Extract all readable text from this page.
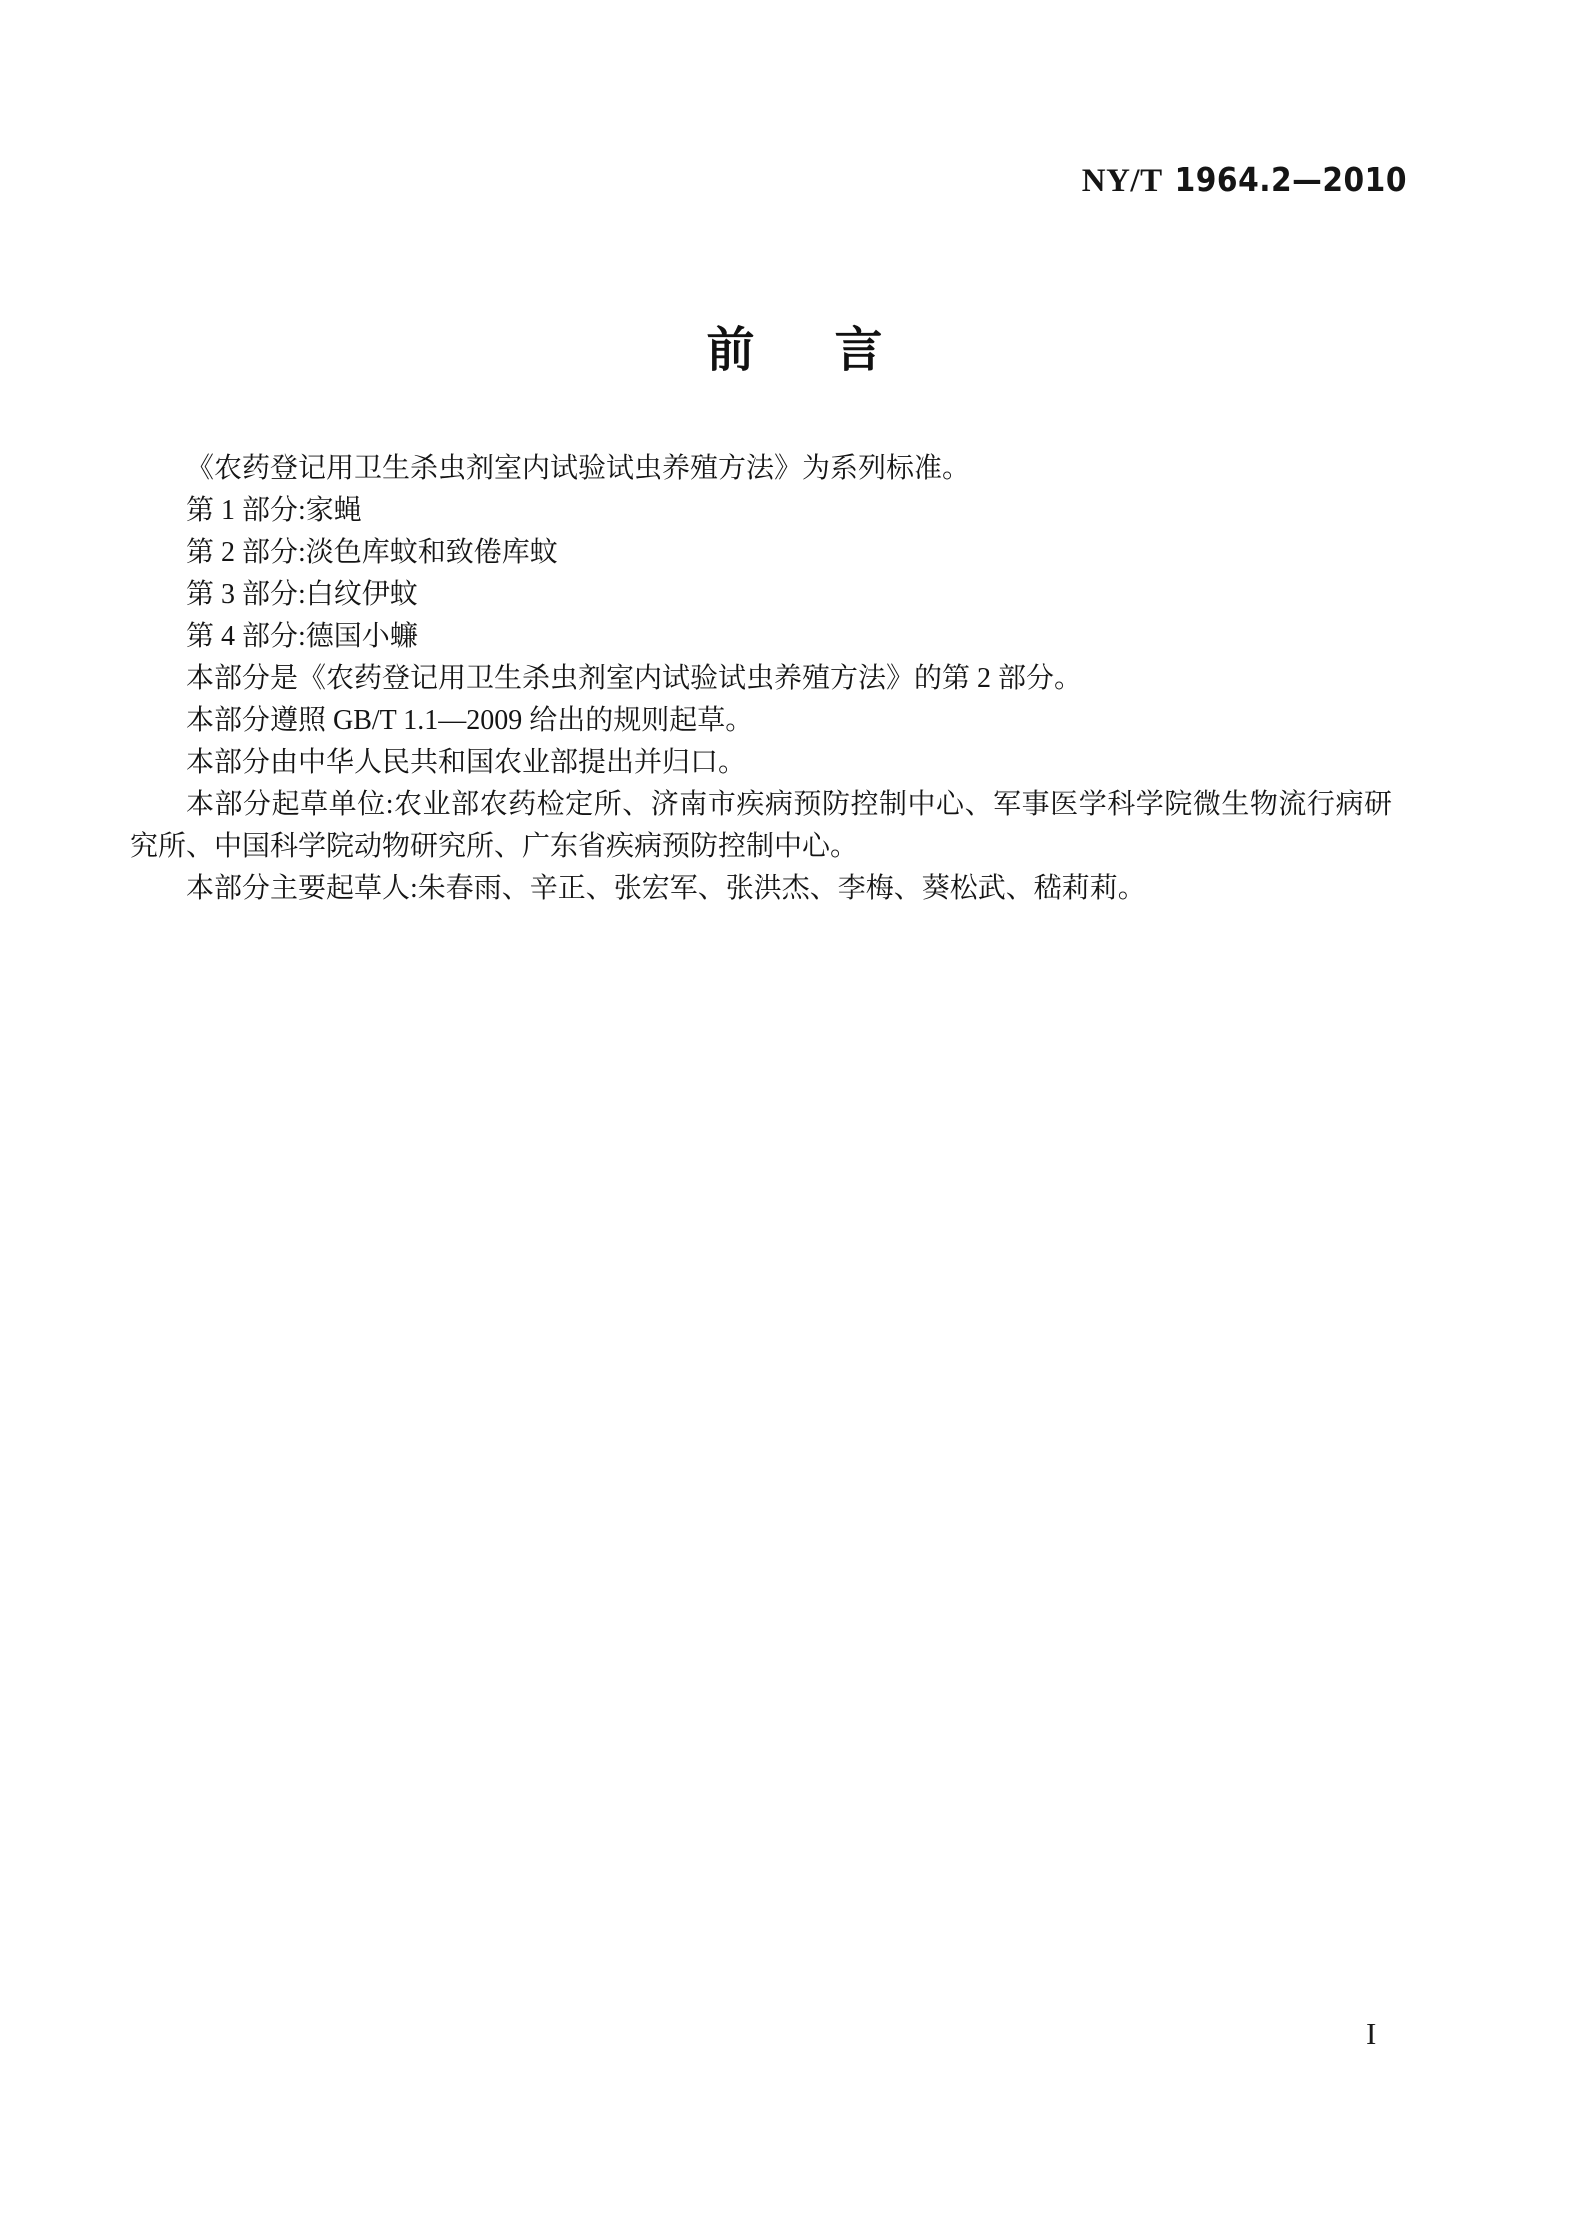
NY/T 1964.2—2010
前 言

《农药登记用卫生杀虫剂室内试验试虫养殖方法》为系列标准。

第 1 部分:家蝇

第 2 部分:淡色库蚊和致倦库蚊

第 3 部分:白纹伊蚊

第 4 部分:德国小蠊

本部分是《农药登记用卫生杀虫剂室内试验试虫养殖方法》的第 2 部分。

本部分遵照 GB/T 1.1—2009 给出的规则起草。

本部分由中华人民共和国农业部提出并归口。

本部分起草单位:农业部农药检定所、济南市疾病预防控制中心、军事医学科学院微生物流行病研究所、中国科学院动物研究所、广东省疾病预防控制中心。

本部分主要起草人:朱春雨、辛正、张宏军、张洪杰、李梅、葵松武、嵇莉莉。

I
